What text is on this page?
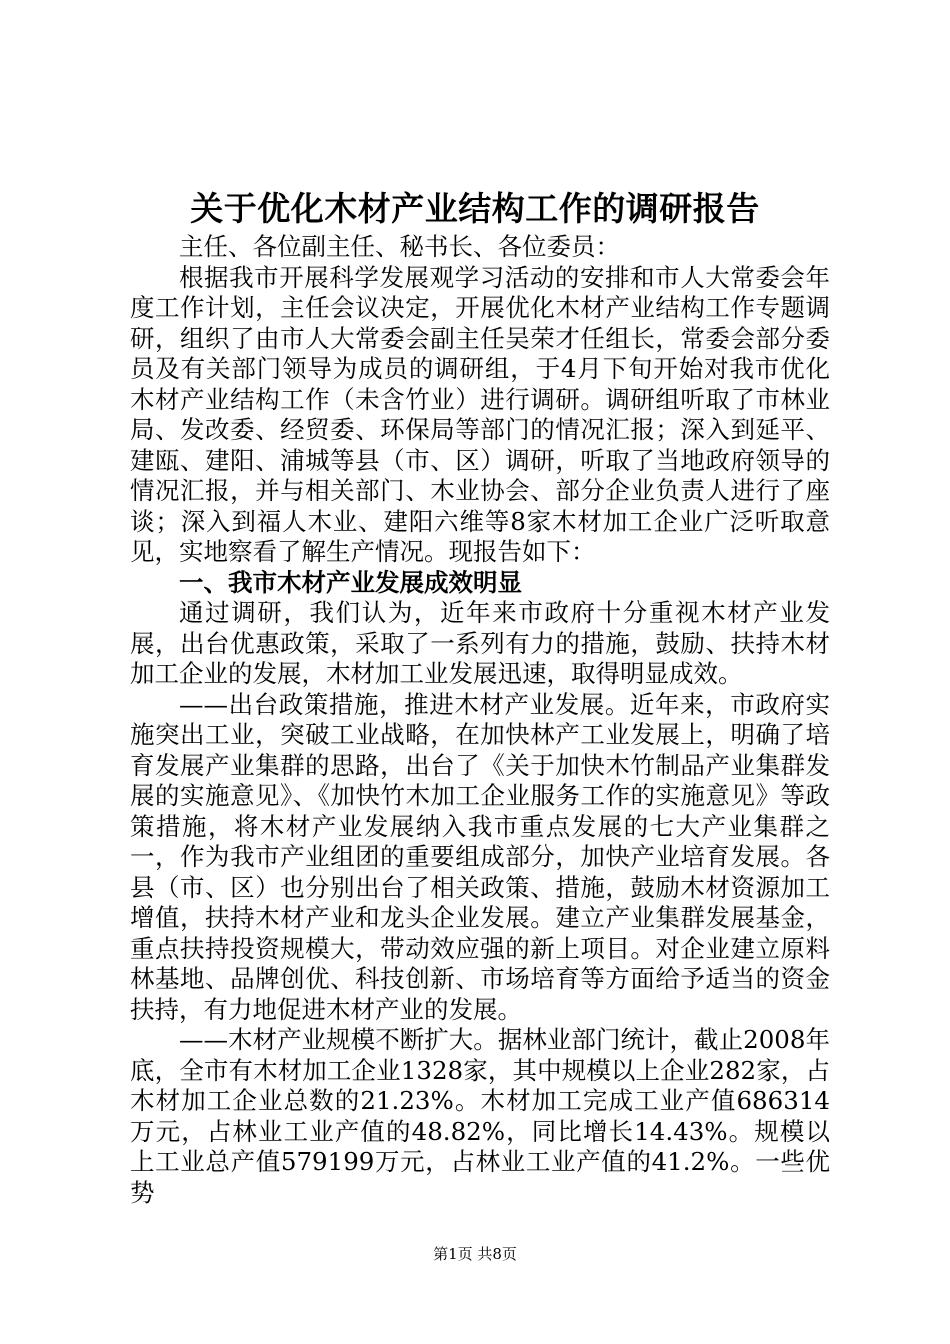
关于优化木材产业结构工作的调研报告

主任、各位副主任、秘书长、各位委员：

根据我市开展科学发展观学习活动的安排和市人大常委会年度工作计划，主任会议决定，开展优化木材产业结构工作专题调研，组织了由市人大常委会副主任吴荣才任组长，常委会部分委员及有关部门领导为成员的调研组，于4月下旬开始对我市优化木材产业结构工作（未含竹业）进行调研。调研组听取了市林业局、发改委、经贸委、环保局等部门的情况汇报；深入到延平、建瓯、建阳、浦城等县（市、区）调研，听取了当地政府领导的情况汇报，并与相关部门、木业协会、部分企业负责人进行了座谈；深入到福人木业、建阳六维等8家木材加工企业广泛听取意见，实地察看了解生产情况。现报告如下：

一、我市木材产业发展成效明显

通过调研，我们认为，近年来市政府十分重视木材产业发展，出台优惠政策，采取了一系列有力的措施，鼓励、扶持木材加工企业的发展，木材加工业发展迅速，取得明显成效。

——出台政策措施，推进木材产业发展。近年来，市政府实施突出工业，突破工业战略，在加快林产工业发展上，明确了培育发展产业集群的思路，出台了《关于加快木竹制品产业集群发展的实施意见》、《加快竹木加工企业服务工作的实施意见》等政策措施，将木材产业发展纳入我市重点发展的七大产业集群之一，作为我市产业组团的重要组成部分，加快产业培育发展。各县（市、区）也分别出台了相关政策、措施，鼓励木材资源加工增值，扶持木材产业和龙头企业发展。建立产业集群发展基金，重点扶持投资规模大，带动效应强的新上项目。对企业建立原料林基地、品牌创优、科技创新、市场培育等方面给予适当的资金扶持，有力地促进木材产业的发展。

——木材产业规模不断扩大。据林业部门统计，截止2008年底，全市有木材加工企业1328家，其中规模以上企业282家，占木材加工企业总数的21.23%。木材加工完成工业产值686314万元，占林业工业产值的48.82%，同比增长14.43%。规模以上工业总产值579199万元，占林业工业产值的41.2%。一些优势

第1页 共8页
